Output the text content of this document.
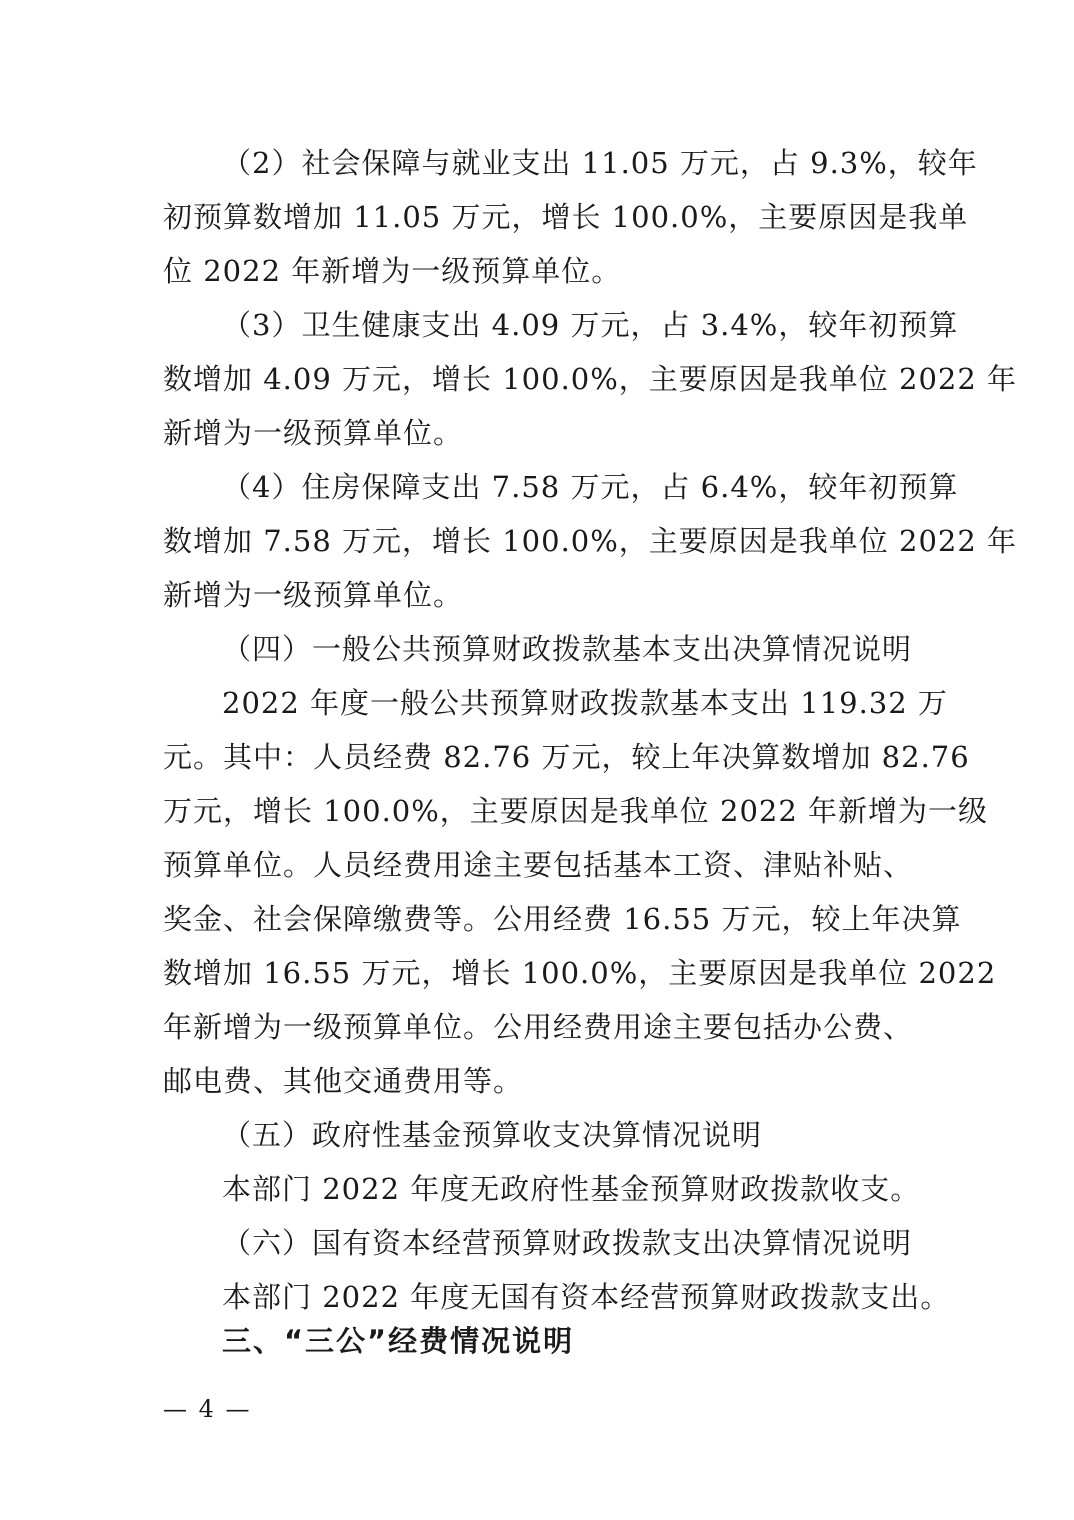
（2）社会保障与就业支出 11.05 万元，占 9.3%，较年
初预算数增加 11.05 万元，增长 100.0%，主要原因是我单
位 2022 年新增为一级预算单位。
（3）卫生健康支出 4.09 万元，占 3.4%，较年初预算
数增加 4.09 万元，增长 100.0%，主要原因是我单位 2022 年
新增为一级预算单位。
（4）住房保障支出 7.58 万元，占 6.4%，较年初预算
数增加 7.58 万元，增长 100.0%，主要原因是我单位 2022 年
新增为一级预算单位。
（四）一般公共预算财政拨款基本支出决算情况说明
2022 年度一般公共预算财政拨款基本支出 119.32 万
元。其中：人员经费 82.76 万元，较上年决算数增加 82.76
万元，增长 100.0%，主要原因是我单位 2022 年新增为一级
预算单位。人员经费用途主要包括基本工资、津贴补贴、
奖金、社会保障缴费等。公用经费 16.55 万元，较上年决算
数增加 16.55 万元，增长 100.0%，主要原因是我单位 2022
年新增为一级预算单位。公用经费用途主要包括办公费、
邮电费、其他交通费用等。
（五）政府性基金预算收支决算情况说明
本部门 2022 年度无政府性基金预算财政拨款收支。
（六）国有资本经营预算财政拨款支出决算情况说明
本部门 2022 年度无国有资本经营预算财政拨款支出。
三、“三公”经费情况说明
— 4 —
